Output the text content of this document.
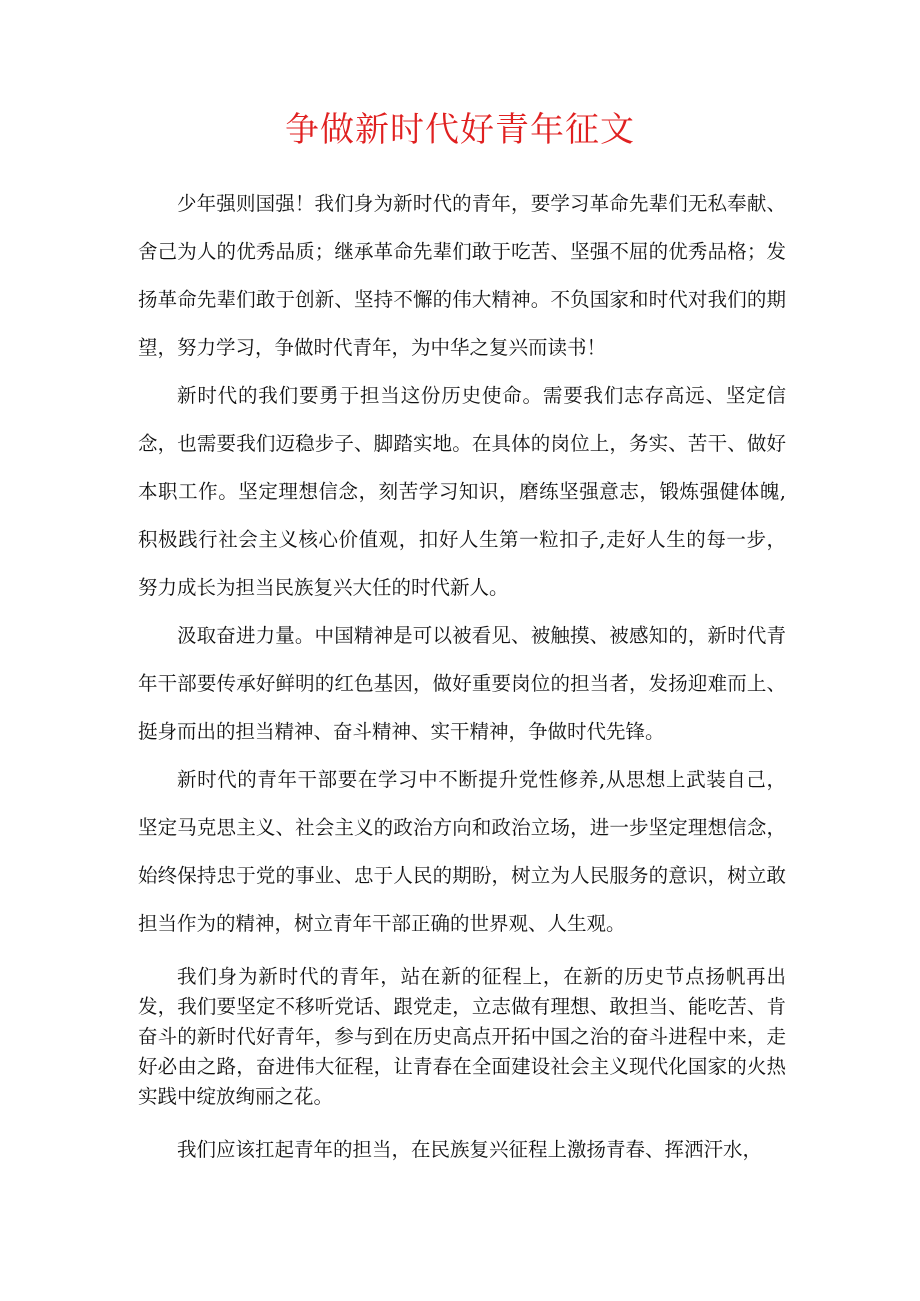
争做新时代好青年征文

少年强则国强！我们身为新时代的青年，要学习革命先辈们无私奉献、舍己为人的优秀品质；继承革命先辈们敢于吃苦、坚强不屈的优秀品格；发扬革命先辈们敢于创新、坚持不懈的伟大精神。不负国家和时代对我们的期望，努力学习，争做时代青年，为中华之复兴而读书！

新时代的我们要勇于担当这份历史使命。需要我们志存高远、坚定信念，也需要我们迈稳步子、脚踏实地。在具体的岗位上，务实、苦干、做好本职工作。坚定理想信念，刻苦学习知识，磨练坚强意志，锻炼强健体魄,积极践行社会主义核心价值观，扣好人生第一粒扣子,走好人生的每一步，努力成长为担当民族复兴大任的时代新人。

汲取奋进力量。中国精神是可以被看见、被触摸、被感知的，新时代青年干部要传承好鲜明的红色基因，做好重要岗位的担当者，发扬迎难而上、挺身而出的担当精神、奋斗精神、实干精神，争做时代先锋。

新时代的青年干部要在学习中不断提升党性修养,从思想上武装自己，坚定马克思主义、社会主义的政治方向和政治立场，进一步坚定理想信念，始终保持忠于党的事业、忠于人民的期盼，树立为人民服务的意识，树立敢担当作为的精神，树立青年干部正确的世界观、人生观。

我们身为新时代的青年，站在新的征程上，在新的历史节点扬帆再出发，我们要坚定不移听党话、跟党走，立志做有理想、敢担当、能吃苦、肯奋斗的新时代好青年，参与到在历史高点开拓中国之治的奋斗进程中来，走好必由之路，奋进伟大征程，让青春在全面建设社会主义现代化国家的火热实践中绽放绚丽之花。

我们应该扛起青年的担当，在民族复兴征程上激扬青春、挥洒汗水，
